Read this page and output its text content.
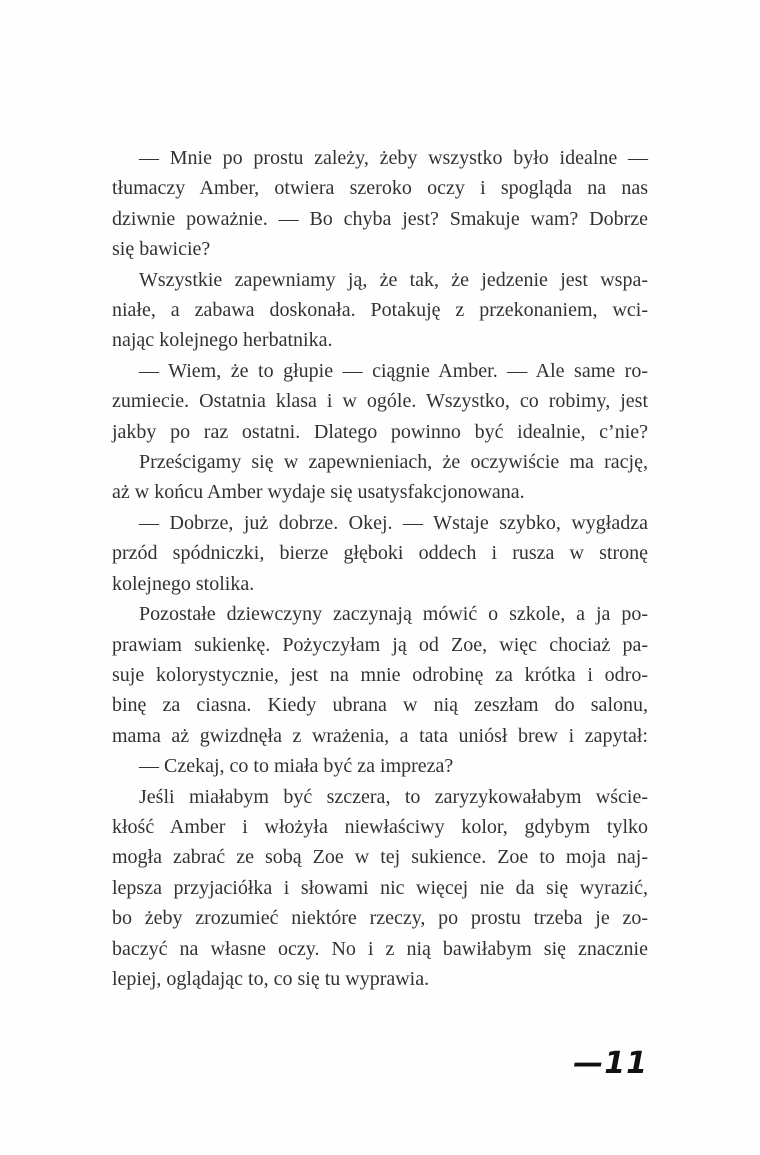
— Mnie po prostu zależy, żeby wszystko było idealne —
tłumaczy Amber, otwiera szeroko oczy i spogląda na nas
dziwnie poważnie. — Bo chyba jest? Smakuje wam? Dobrze
się bawicie?
Wszystkie zapewniamy ją, że tak, że jedzenie jest wspa-
niałe, a zabawa doskonała. Potakuję z przekonaniem, wci-
nając kolejnego herbatnika.
— Wiem, że to głupie — ciągnie Amber. — Ale same ro-
zumiecie. Ostatnia klasa i w ogóle. Wszystko, co robimy, jest
jakby po raz ostatni. Dlatego powinno być idealnie, c’nie?
Prześcigamy się w zapewnieniach, że oczywiście ma rację,
aż w końcu Amber wydaje się usatysfakcjonowana.
— Dobrze, już dobrze. Okej. — Wstaje szybko, wygładza
przód spódniczki, bierze głęboki oddech i rusza w stronę
kolejnego stolika.
Pozostałe dziewczyny zaczynają mówić o szkole, a ja po-
prawiam sukienkę. Pożyczyłam ją od Zoe, więc chociaż pa-
suje kolorystycznie, jest na mnie odrobinę za krótka i odro-
binę za ciasna. Kiedy ubrana w nią zeszłam do salonu,
mama aż gwizdnęła z wrażenia, a tata uniósł brew i zapytał:
— Czekaj, co to miała być za impreza?
Jeśli miałabym być szczera, to zaryzykowałabym wście-
kłość Amber i włożyła niewłaściwy kolor, gdybym tylko
mogła zabrać ze sobą Zoe w tej sukience. Zoe to moja naj-
lepsza przyjaciółka i słowami nic więcej nie da się wyrazić,
bo żeby zrozumieć niektóre rzeczy, po prostu trzeba je zo-
baczyć na własne oczy. No i z nią bawiłabym się znacznie
lepiej, oglądając to, co się tu wyprawia.
—11
